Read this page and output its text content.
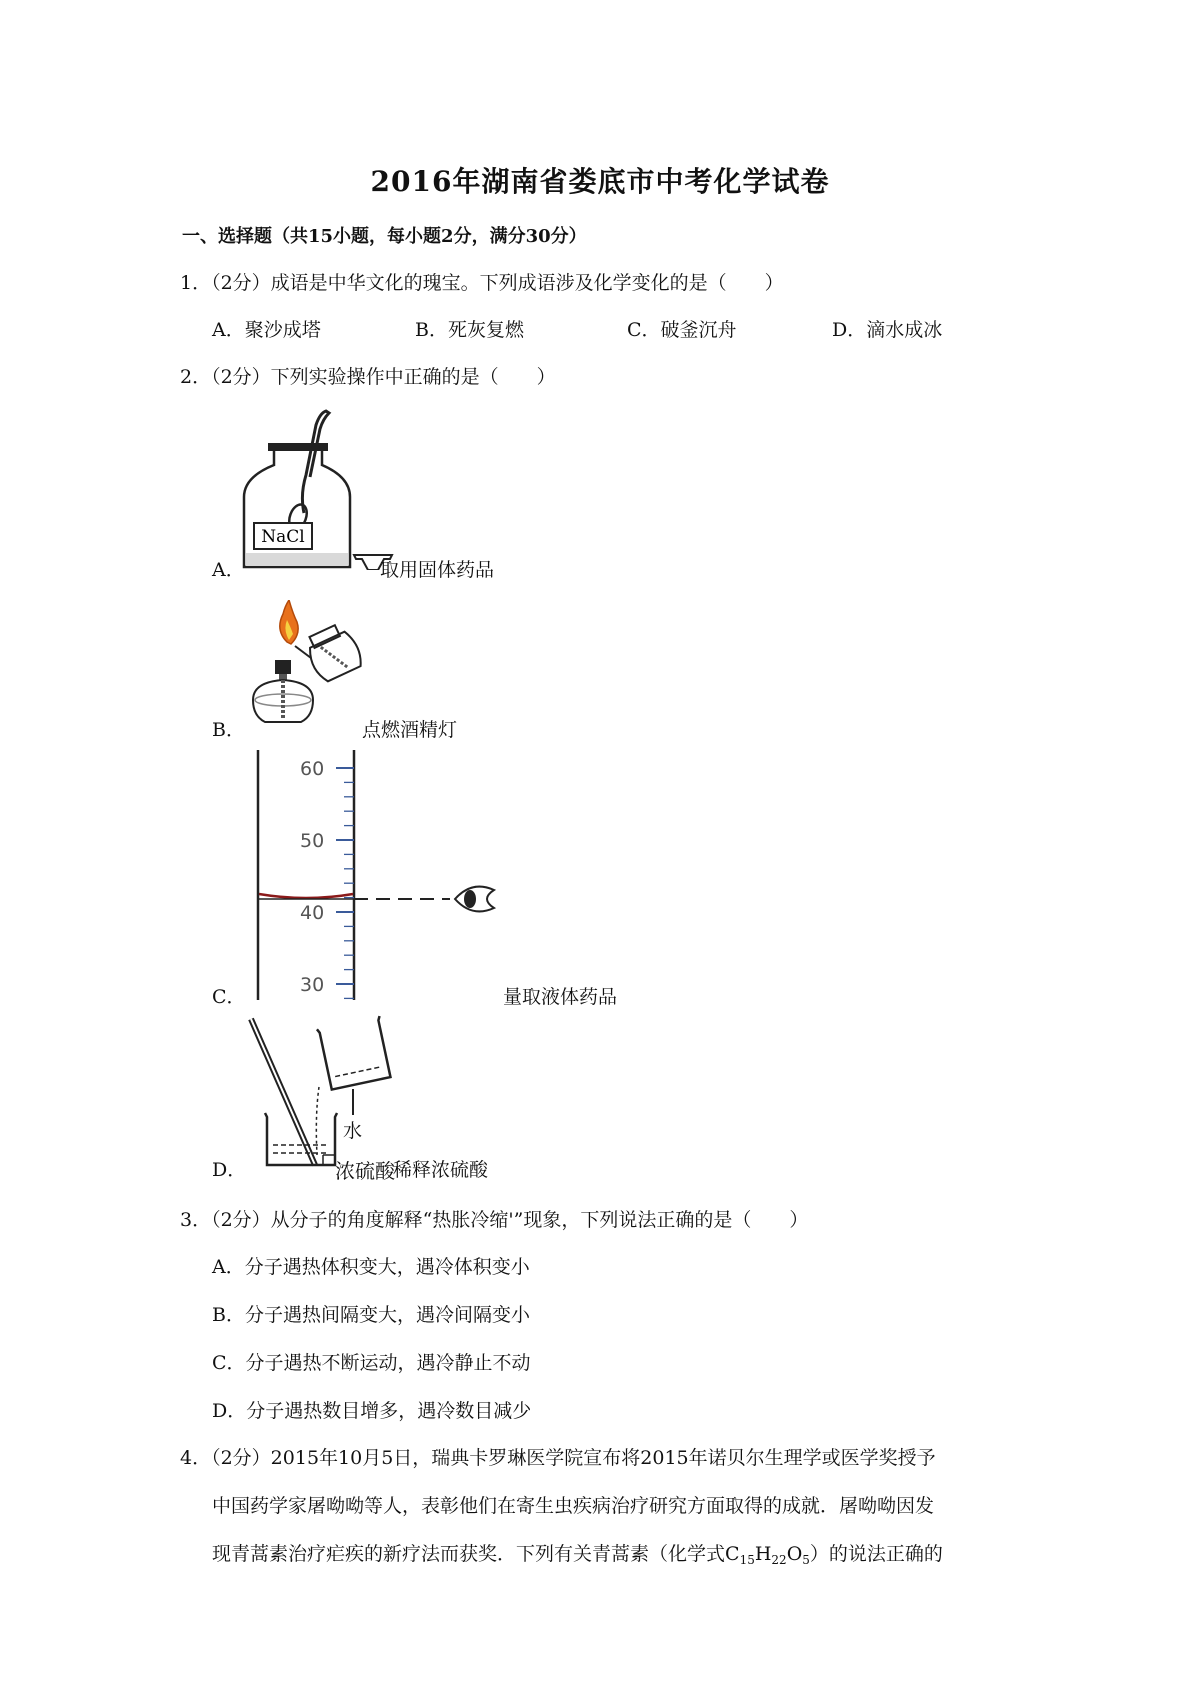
2016年湖南省娄底市中考化学试卷
一、选择题（共15小题，每小题2分，满分30分）
1．（2分）成语是中华文化的瑰宝。下列成语涉及化学变化的是（　　）
A．聚沙成塔	B．死灰复燃	C．破釜沉舟	D．滴水成冰
2．（2分）下列实验操作中正确的是（　　）
A．
NaCl
取用固体药品
B．	点燃酒精灯
C．
60
50
40
30
量取液体药品
D．
水
浓硫酸
稀释浓硫酸
3．（2分）从分子的角度解释“热胀冷缩'”现象，下列说法正确的是（　　）
A．分子遇热体积变大，遇冷体积变小
B．分子遇热间隔变大，遇冷间隔变小
C．分子遇热不断运动，遇冷静止不动
D．分子遇热数目增多，遇冷数目减少
4．（2分）2015年10月5日，瑞典卡罗琳医学院宣布将2015年诺贝尔生理学或医学奖授予
中国药学家屠呦呦等人，表彰他们在寄生虫疾病治疗研究方面取得的成就．屠呦呦因发
现青蒿素治疗疟疾的新疗法而获奖．下列有关青蒿素（化学式$C_{15}H_{22}O_5$）的说法正确的
